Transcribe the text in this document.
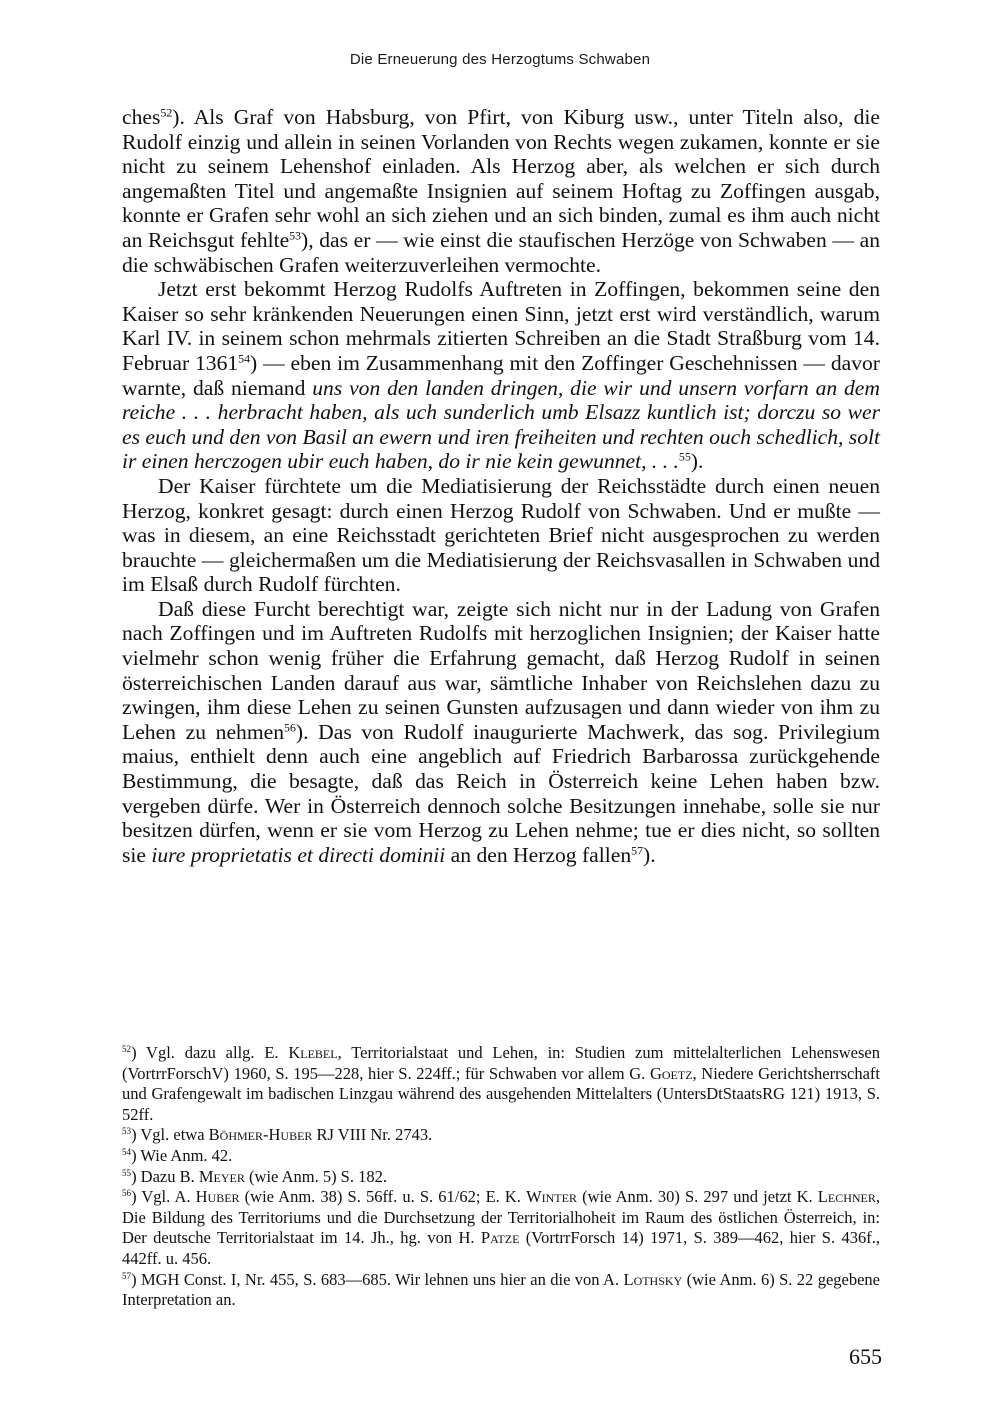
Die Erneuerung des Herzogtums Schwaben

ches$^{52}$). Als Graf von Habsburg, von Pfirt, von Kiburg usw., unter Titeln also, die Rudolf einzig und allein in seinen Vorlanden von Rechts wegen zukamen, konnte er sie nicht zu seinem Lehenshof einladen. Als Herzog aber, als welchen er sich durch angemaßten Titel und angemaßte Insignien auf seinem Hoftag zu Zoffingen ausgab, konnte er Grafen sehr wohl an sich ziehen und an sich binden, zumal es ihm auch nicht an Reichsgut fehlte$^{53}$), das er — wie einst die staufischen Herzöge von Schwaben — an die schwäbischen Grafen weiterzuverleihen vermochte.

Jetzt erst bekommt Herzog Rudolfs Auftreten in Zoffingen, bekommen seine den Kaiser so sehr kränkenden Neuerungen einen Sinn, jetzt erst wird verständlich, warum Karl IV. in seinem schon mehrmals zitierten Schreiben an die Stadt Straßburg vom 14. Februar 1361$^{54}$) — eben im Zusammenhang mit den Zoffinger Geschehnissen — davor warnte, daß niemand uns von den landen dringen, die wir und unsern vorfarn an dem reiche . . . herbracht haben, als uch sunderlich umb Elsazz kuntlich ist; dorczu so wer es euch und den von Basil an ewern und iren freiheiten und rechten ouch schedlich, solt ir einen herczogen ubir euch haben, do ir nie kein gewunnet, . . .$^{55}$).

Der Kaiser fürchtete um die Mediatisierung der Reichsstädte durch einen neuen Herzog, konkret gesagt: durch einen Herzog Rudolf von Schwaben. Und er mußte — was in diesem, an eine Reichsstadt gerichteten Brief nicht ausgesprochen zu werden brauchte — gleichermaßen um die Mediatisierung der Reichsvasallen in Schwaben und im Elsaß durch Rudolf fürchten.

Daß diese Furcht berechtigt war, zeigte sich nicht nur in der Ladung von Grafen nach Zoffingen und im Auftreten Rudolfs mit herzoglichen Insignien; der Kaiser hatte vielmehr schon wenig früher die Erfahrung gemacht, daß Herzog Rudolf in seinen österreichischen Landen darauf aus war, sämtliche Inhaber von Reichslehen dazu zu zwingen, ihm diese Lehen zu seinen Gunsten aufzusagen und dann wieder von ihm zu Lehen zu nehmen$^{56}$). Das von Rudolf inaugurierte Machwerk, das sog. Privilegium maius, enthielt denn auch eine angeblich auf Friedrich Barbarossa zurückgehende Bestimmung, die besagte, daß das Reich in Österreich keine Lehen haben bzw. vergeben dürfe. Wer in Österreich dennoch solche Besitzungen innehabe, solle sie nur besitzen dürfen, wenn er sie vom Herzog zu Lehen nehme; tue er dies nicht, so sollten sie iure proprietatis et directi dominii an den Herzog fallen$^{57}$).

$^{52}$) Vgl. dazu allg. E. Klebel, Territorialstaat und Lehen, in: Studien zum mittelalterlichen Lehenswesen (VortrrForschV) 1960, S. 195—228, hier S. 224ff.; für Schwaben vor allem G. Goetz, Niedere Gerichtsherrschaft und Grafengewalt im badischen Linzgau während des ausgehenden Mittelalters (UntersDtStaatsRG 121) 1913, S. 52ff.

$^{53}$) Vgl. etwa Böhmer-Huber RJ VIII Nr. 2743.

$^{54}$) Wie Anm. 42.

$^{55}$) Dazu B. Meyer (wie Anm. 5) S. 182.

$^{56}$) Vgl. A. Huber (wie Anm. 38) S. 56ff. u. S. 61/62; E. K. Winter (wie Anm. 30) S. 297 und jetzt K. Lechner, Die Bildung des Territoriums und die Durchsetzung der Territorialhoheit im Raum des östlichen Österreich, in: Der deutsche Territorialstaat im 14. Jh., hg. von H. Patze (VortrrForsch 14) 1971, S. 389—462, hier S. 436f., 442ff. u. 456.

$^{57}$) MGH Const. I, Nr. 455, S. 683—685. Wir lehnen uns hier an die von A. Lothsky (wie Anm. 6) S. 22 gegebene Interpretation an.

655
